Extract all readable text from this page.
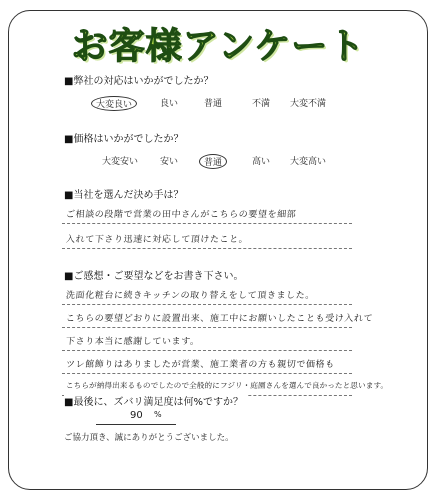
お客様アンケート
■弊社の対応はいかがでしたか？
大変良い	良い	普通	不満 大変不満
■価格はいかがでしたか？
大変安い 安い	普通	高い 大変高い
■当社を選んだ決め手は？
ご相談の段階で営業の田中さんがこちらの要望を細部
入れて下さり迅速に対応して頂けたこと。
■ご感想・ご要望などをお書き下さい。
洗面化粧台に続きキッチンの取り替えをして頂きました。
こちらの要望どおりに設置出来、施工中にお願いしたことも受け入れて
下さり本当に感謝しています。
ツレ館飾りはありましたが営業、施工業者の方も親切で価格も
こちらが納得出来るものでしたので全般的にフジリ・庭園さんを選んで良かったと思います。
■最後に、ズバリ満足度は何%ですか？
90 %
ご協力頂き、誠にありがとうございました。
